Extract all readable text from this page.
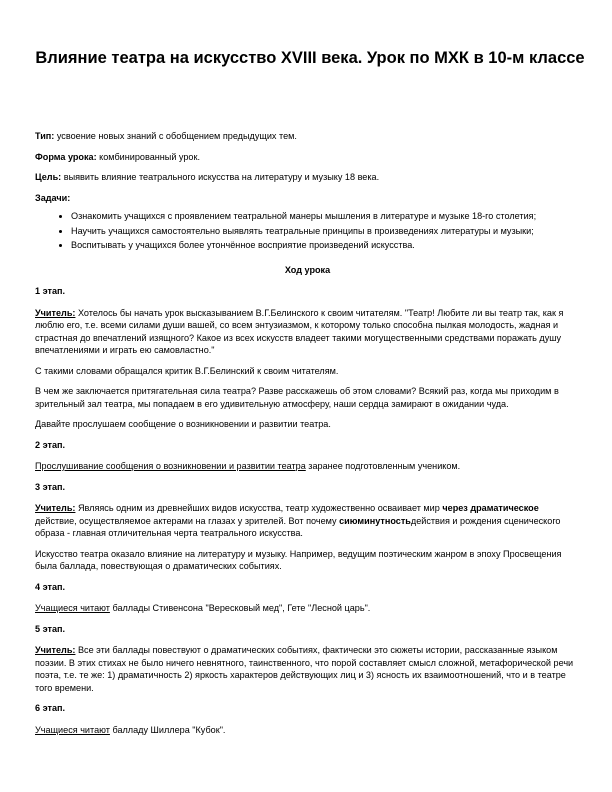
Влияние театра на искусство XVIII века. Урок по МХК в 10-м классе

Тип: усвоение новых знаний с обобщением предыдущих тем.

Форма урока: комбинированный урок.

Цель: выявить влияние театрального искусства на литературу и музыку 18 века.

Задачи:

• Ознакомить учащихся с проявлением театральной манеры мышления в литературе и музыке 18-го столетия;
• Научить учащихся самостоятельно выявлять театральные принципы в произведениях литературы и музыки;
• Воспитывать у учащихся более утончённое восприятие произведений искусства.

Ход урока

1 этап.

Учитель: Хотелось бы начать урок высказыванием В.Г.Белинского к своим читателям. "Театр! Любите ли вы театр так, как я люблю его, т.е. всеми силами души вашей, со всем энтузиазмом, к которому только способна пылкая молодость, жадная и страстная до впечатлений изящного? Какое из всех искусств владеет такими могущественными средствами поражать душу впечатлениями и играть ею самовластно."

С такими словами обращался критик В.Г.Белинский к своим читателям.

В чем же заключается притягательная сила театра? Разве расскажешь об этом словами? Всякий раз, когда мы приходим в зрительный зал театра, мы попадаем в его удивительную атмосферу, наши сердца замирают в ожидании чуда.

Давайте прослушаем сообщение о возникновении и развитии театра.

2 этап.

Прослушивание сообщения о возникновении и развитии театра заранее подготовленным учеником.

3 этап.

Учитель: Являясь одним из древнейших видов искусства, театр художественно осваивает мир через драматическое действие, осуществляемое актерами на глазах у зрителей. Вот почему сиюминутностьдействия и рождения сценического образа - главная отличительная черта театрального искусства.

Искусство театра оказало влияние на литературу и музыку. Например, ведущим поэтическим жанром в эпоху Просвещения была баллада, повествующая о драматических событиях.

4 этап.

Учащиеся читают баллады Стивенсона "Вересковый мед", Гете "Лесной царь".

5 этап.

Учитель: Все эти баллады повествуют о драматических событиях, фактически это сюжеты истории, рассказанные языком поэзии. В этих стихах не было ничего невнятного, таинственного, что порой составляет смысл сложной, метафорической речи поэта, т.е. те же: 1) драматичность 2) яркость характеров действующих лиц и 3) ясность их взаимоотношений, что и в театре того времени.

6 этап.

Учащиеся читают балладу Шиллера "Кубок".
